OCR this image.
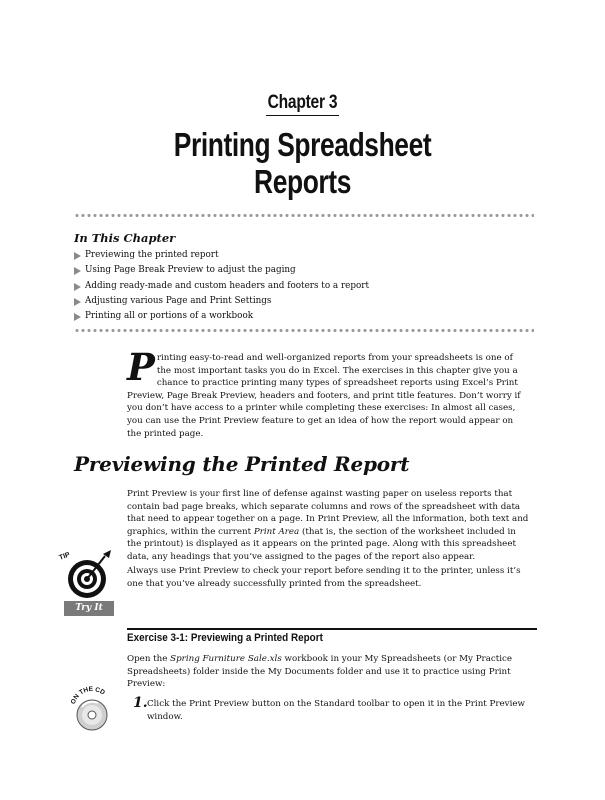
Chapter 3
Printing Spreadsheet
Reports
In This Chapter
Previewing the printed report
Using Page Break Preview to adjust the paging
Adding ready-made and custom headers and footers to a report
Adjusting various Page and Print Settings
Printing all or portions of a workbook
Printing easy-to-read and well-organized reports from your spreadsheets is one of the most important tasks you do in Excel. The exercises in this chapter give you a chance to practice printing many types of spreadsheet reports using Excel’s Print Preview, Page Break Preview, headers and footers, and print title features. Don’t worry if you don’t have access to a printer while completing these exercises: In almost all cases, you can use the Print Preview feature to get an idea of how the report would appear on the printed page.
Previewing the Printed Report
Print Preview is your first line of defense against wasting paper on useless reports that contain bad page breaks, which separate columns and rows of the spreadsheet with data that need to appear together on a page. In Print Preview, all the information, both text and graphics, within the current Print Area (that is, the section of the worksheet included in the printout) is displayed as it appears on the printed page. Along with this spreadsheet data, any headings that you’ve assigned to the pages of the report also appear.
Always use Print Preview to check your report before sending it to the printer, unless it’s one that you’ve already successfully printed from the spreadsheet.
TIP
Try It
Exercise 3-1: Previewing a Printed Report
Open the Spring Furniture Sale.xls workbook in your My Spreadsheets (or My Practice Spreadsheets) folder inside the My Documents folder and use it to practice using Print Preview:
ON THE CD
1. Click the Print Preview button on the Standard toolbar to open it in the Print Preview window.
